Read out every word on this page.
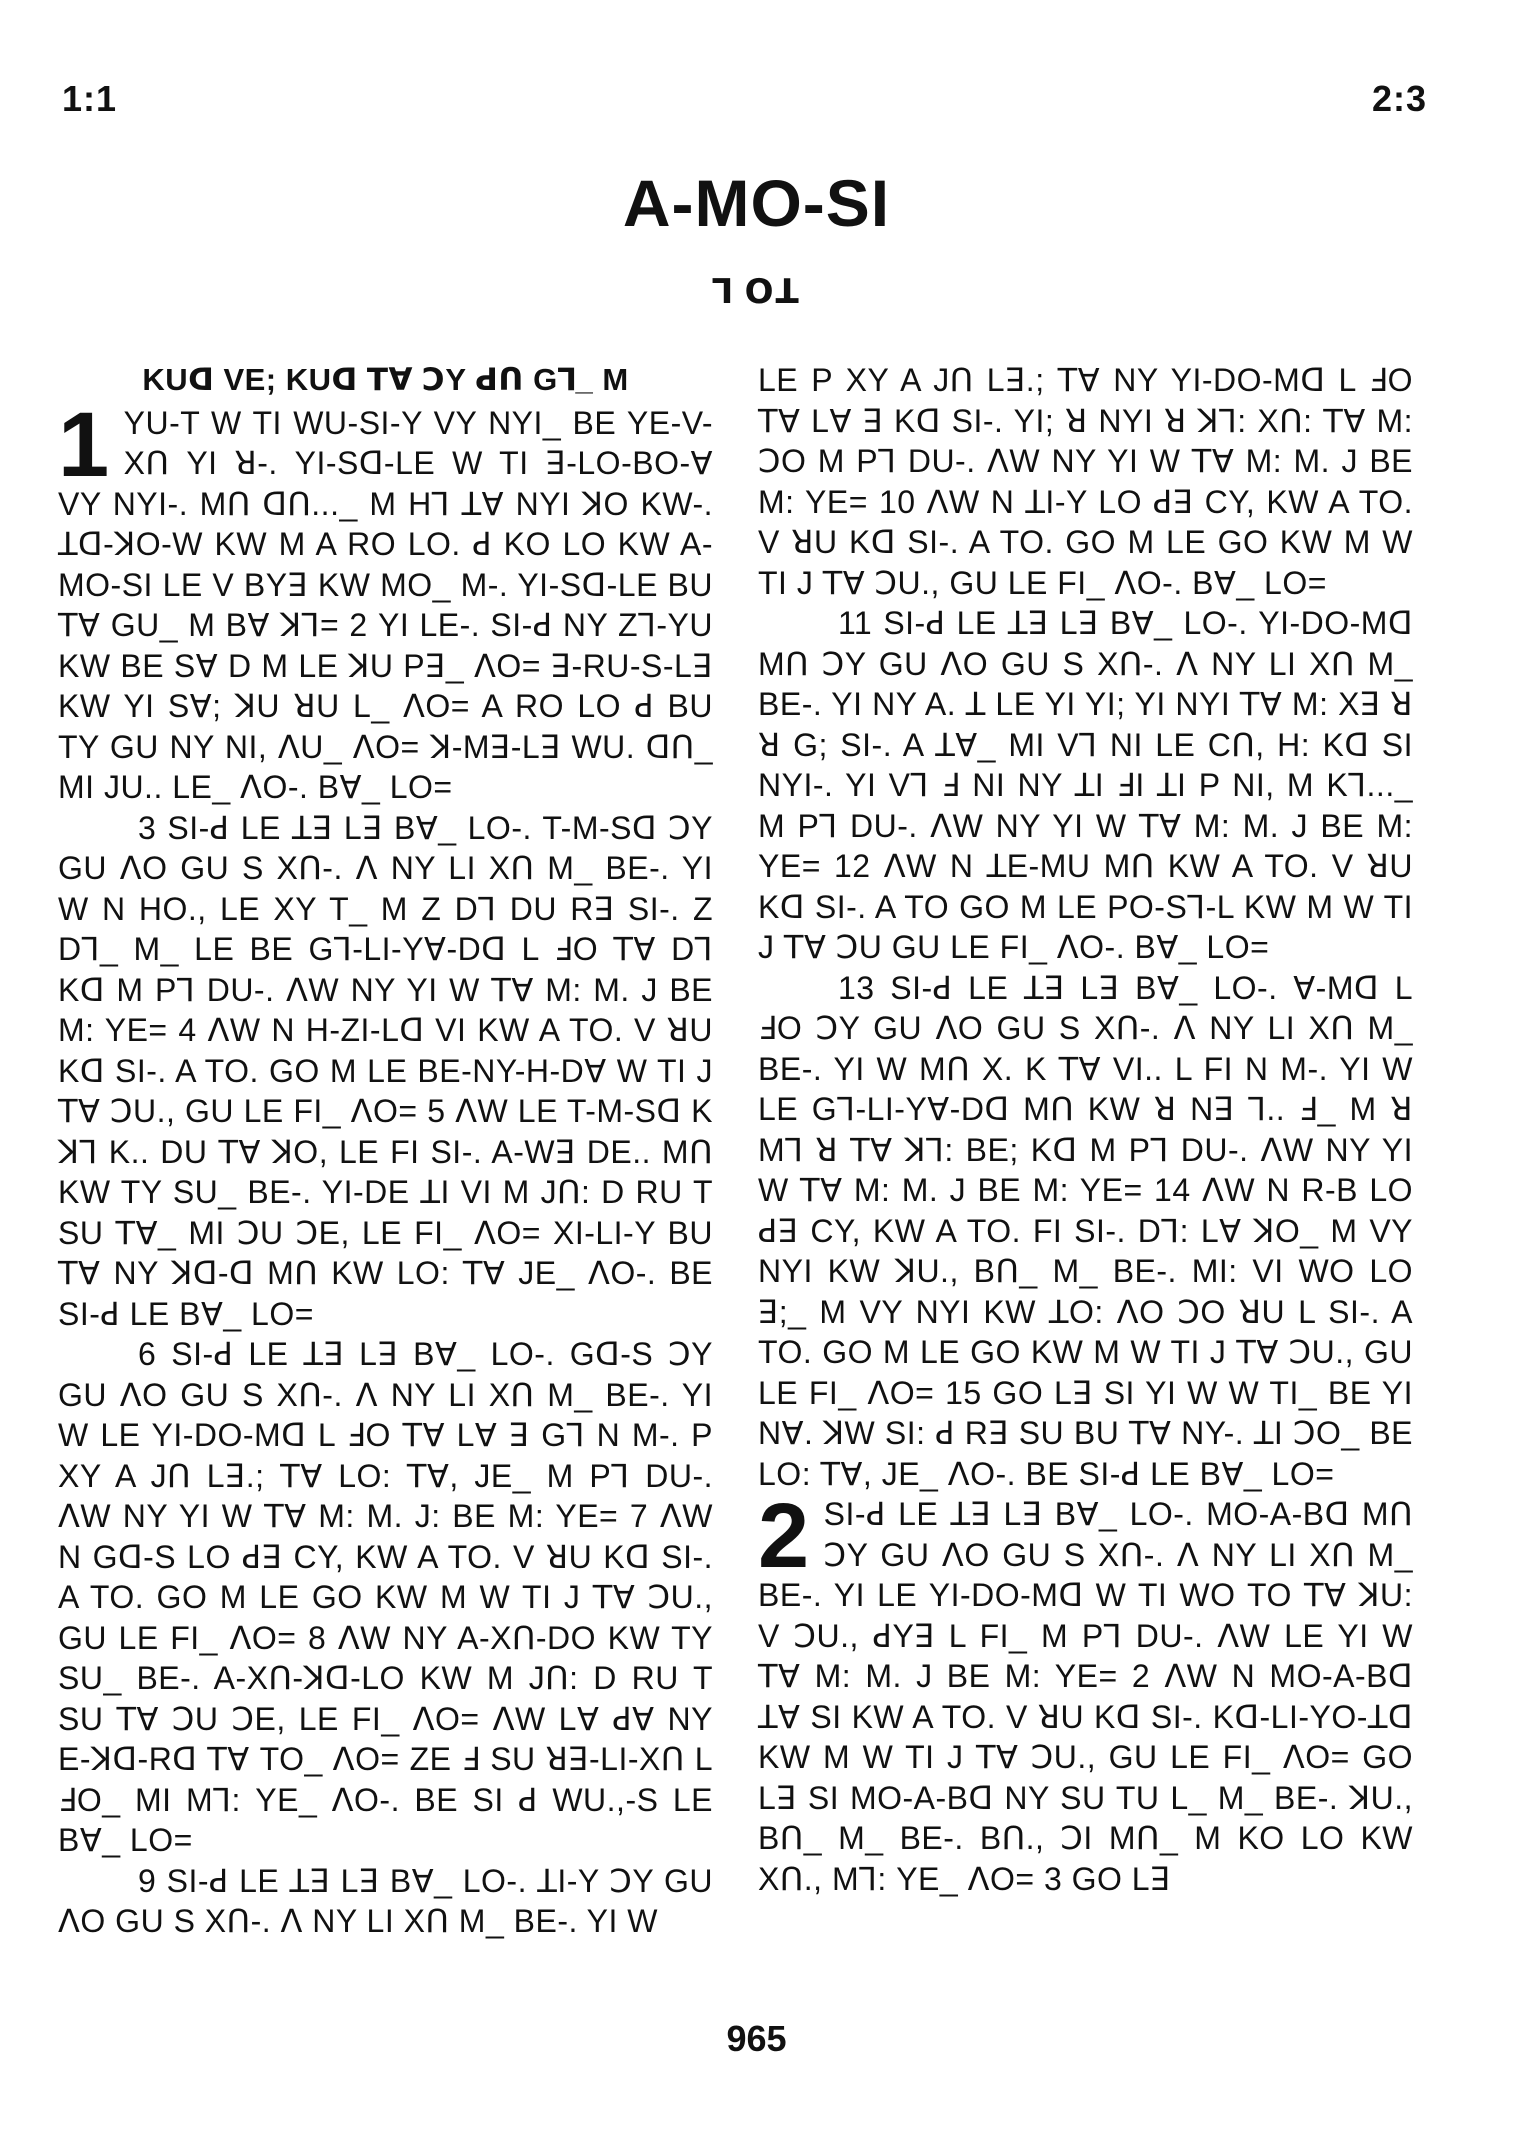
1:1	2:3
A-MO-SI
ꓶ ꓳꓕ
KUꓷ VE; KUꓷ ꓔꓯ ꓛY ꓒꓵ Gꓶ_ M

1 YU-T W TI WU-SI-Y VY NYI_ BE YE-V-Xꓵ YI ꓤ-. YI-Sꓷ-LE W TI ꓱ-LO-BO-ꓯ VY NYI-. Mꓵ ꓷꓵ..._ M Hꓶ ꓕꓯ NYI ꓘO KW-. ꓕꓷ-ꓘO-W KW M A RO LO. ꓒ KO LO KW A-MO-SI LE V BYꓱ KW MO_ M-. YI-Sꓷ-LE BU ꓔꓯ GU_ M Bꓯ ꓘꓶ= 2 YI LE-. SI-ꓒ NY Zꓶ-YU KW BE Sꓯ D M LE ꓘU Pꓱ_ ꓥO= ꓱ-RU-S-Lꓱ KW YI Sꓯ; ꓘU ꓤU L_ ꓥO= A RO LO ꓒ BU TY GU NY NI, ꓥU_ ꓥO= ꓘ-Mꓱ-Lꓱ WU. ꓷꓵ_ MI JU.. LE_ ꓥO-. Bꓯ_ LO=

3 SI-ꓒ LE ꓕꓱ Lꓱ Bꓯ_ LO-. T-M-Sꓷ ꓛY GU ꓥO GU S Xꓵ-. ꓥ NY LI Xꓵ M_ BE-. YI W N HO., LE XY T_ M Z Dꓶ DU Rꓱ SI-. Z Dꓶ_ M_ LE BE Gꓶ-LI-Yꓯ-Dꓷ L ꓞO ꓔꓯ Dꓶ Kꓷ M Pꓶ DU-. ꓥW NY YI W ꓔꓯ M: M. J BE M: YE= 4 ꓥW N H-ZI-Lꓷ VI KW A TO. V ꓤU Kꓷ SI-. A TO. GO M LE BE-NY-H-Dꓯ W TI J ꓔꓯ ꓛU., GU LE FI_ ꓥO= 5 ꓥW LE T-M-Sꓷ K ꓘꓶ K.. DU ꓔꓯ ꓘO, LE FI SI-. A-Wꓱ DE.. Mꓵ KW TY SU_ BE-. YI-DE ꓕI VI M Jꓵ: D RU T SU ꓔꓯ_ MI ꓛU ꓛE, LE FI_ ꓥO= XI-LI-Y BU ꓔꓯ NY ꓘꓷ-ꓷ Mꓵ KW LO: ꓔꓯ JE_ ꓥO-. BE SI-ꓒ LE Bꓯ_ LO=

6 SI-ꓒ LE ꓕꓱ Lꓱ Bꓯ_ LO-. Gꓷ-S ꓛY GU ꓥO GU S Xꓵ-. ꓥ NY LI Xꓵ M_ BE-. YI W LE YI-DO-Mꓷ L ꓞO ꓔꓯ Lꓯ ꓱ Gꓶ N M-. P XY A Jꓵ Lꓱ.; ꓔꓯ LO: ꓔꓯ, JE_ M Pꓶ DU-. ꓥW NY YI W ꓔꓯ M: M. J: BE M: YE= 7 ꓥW N Gꓷ-S LO ꓒꓱ CY, KW A TO. V ꓤU Kꓷ SI-. A TO. GO M LE GO KW M W TI J ꓔꓯ ꓛU., GU LE FI_ ꓥO= 8 ꓥW NY A-Xꓵ-DO KW TY SU_ BE-. A-Xꓵ-ꓘꓷ-LO KW M Jꓵ: D RU T SU ꓔꓯ ꓛU ꓛE, LE FI_ ꓥO= ꓥW Lꓯ ꓒꓯ NY E-ꓘꓷ-Rꓷ ꓔꓯ TO_ ꓥO= ZE ꓞ SU ꓤꓱ-LI-Xꓵ L ꓞO_ MI Mꓶ: YE_ ꓥO-. BE SI ꓒ WU.,-S LE Bꓯ_ LO=

9 SI-ꓒ LE ꓕꓱ Lꓱ Bꓯ_ LO-. ꓕI-Y ꓛY GU ꓥO GU S Xꓵ-. ꓥ NY LI Xꓵ M_ BE-. YI W

LE P XY A Jꓵ Lꓱ.; ꓔꓯ NY YI-DO-Mꓷ L ꓞO ꓔꓯ Lꓯ ꓱ Kꓷ SI-. YI; ꓤ NYI ꓤ ꓘꓶ: Xꓵ: ꓔꓯ M: ꓛO M Pꓶ DU-. ꓥW NY YI W ꓔꓯ M: M. J BE M: YE= 10 ꓥW N ꓕI-Y LO ꓒꓱ CY, KW A TO. V ꓤU Kꓷ SI-. A TO. GO M LE GO KW M W TI J ꓔꓯ ꓛU., GU LE FI_ ꓥO-. Bꓯ_ LO=

11 SI-ꓒ LE ꓕꓱ Lꓱ Bꓯ_ LO-. YI-DO-Mꓷ Mꓵ ꓛY GU ꓥO GU S Xꓵ-. ꓥ NY LI Xꓵ M_ BE-. YI NY A. ꓕ LE YI YI; YI NYI ꓔꓯ M: Xꓱ ꓤ ꓤ G; SI-. A ꓕꓯ_ MI Vꓶ NI LE Cꓵ, H: Kꓷ SI NYI-. YI Vꓶ ꓞ NI NY ꓕI ꓞI ꓕI P NI, M Kꓶ..._ M Pꓶ DU-. ꓥW NY YI W ꓔꓯ M: M. J BE M: YE= 12 ꓥW N ꓕE-MU Mꓵ KW A TO. V ꓤU Kꓷ SI-. A TO GO M LE PO-Sꓶ-L KW M W TI J ꓔꓯ ꓛU GU LE FI_ ꓥO-. Bꓯ_ LO=

13 SI-ꓒ LE ꓕꓱ Lꓱ Bꓯ_ LO-. ꓯ-Mꓷ L ꓞO ꓛY GU ꓥO GU S Xꓵ-. ꓥ NY LI Xꓵ M_ BE-. YI W Mꓵ X. K ꓔꓯ VI.. L FI N M-. YI W LE Gꓶ-LI-Yꓯ-Dꓷ Mꓵ KW ꓤ Nꓱ ꓶ.. ꓞ_ M ꓤ Mꓶ ꓤ ꓔꓯ ꓘꓶ: BE; Kꓷ M Pꓶ DU-. ꓥW NY YI W ꓔꓯ M: M. J BE M: YE= 14 ꓥW N R-B LO ꓒꓱ CY, KW A TO. FI SI-. Dꓶ: Lꓯ ꓘO_ M VY NYI KW ꓘU., Bꓵ_ M_ BE-. MI: VI WO LO ꓱ;_ M VY NYI KW ꓕO: ꓥO ꓛO ꓤU L SI-. A TO. GO M LE GO KW M W TI J ꓔꓯ ꓛU., GU LE FI_ ꓥO= 15 GO Lꓱ SI YI W W TI_ BE YI Nꓯ. ꓘW SI: ꓒ Rꓱ SU BU ꓔꓯ NY-. ꓕI ꓛO_ BE LO: ꓔꓯ, JE_ ꓥO-. BE SI-ꓒ LE Bꓯ_ LO=

2 SI-ꓒ LE ꓕꓱ Lꓱ Bꓯ_ LO-. MO-A-Bꓷ Mꓵ ꓛY GU ꓥO GU S Xꓵ-. ꓥ NY LI Xꓵ M_ BE-. YI LE YI-DO-Mꓷ W TI WO TO ꓔꓯ ꓘU: V ꓛU., ꓒYꓱ L FI_ M Pꓶ DU-. ꓥW LE YI W ꓔꓯ M: M. J BE M: YE= 2 ꓥW N MO-A-Bꓷ ꓕꓯ SI KW A TO. V ꓤU Kꓷ SI-. Kꓷ-LI-YO-ꓕꓷ KW M W TI J ꓔꓯ ꓛU., GU LE FI_ ꓥO= GO Lꓱ SI MO-A-Bꓷ NY SU TU L_ M_ BE-. ꓘU., Bꓵ_ M_ BE-. Bꓵ., ꓛI Mꓵ_ M KO LO KW Xꓵ., Mꓶ: YE_ ꓥO= 3 GO Lꓱ

965
